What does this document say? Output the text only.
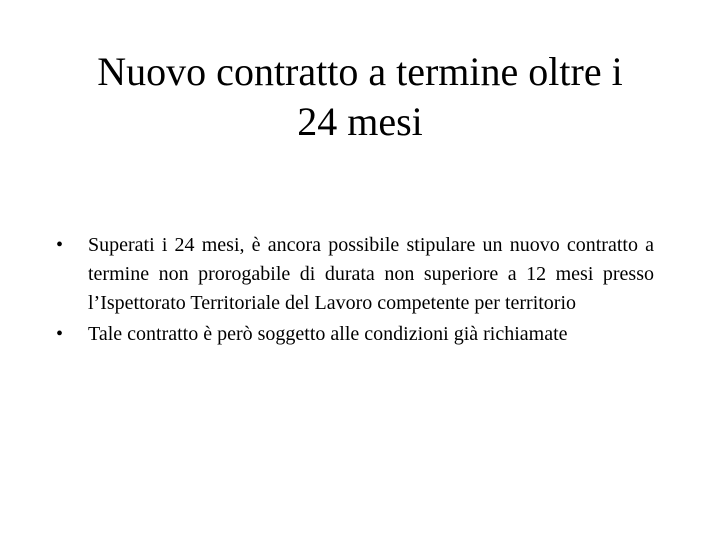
Nuovo contratto a termine oltre i
24 mesi
• Superati i 24 mesi, è ancora possibile stipulare un nuovo contratto a termine non prorogabile di durata non superiore a 12 mesi presso l’Ispettorato Territoriale del Lavoro competente per territorio
• Tale contratto è però soggetto alle condizioni già richiamate
